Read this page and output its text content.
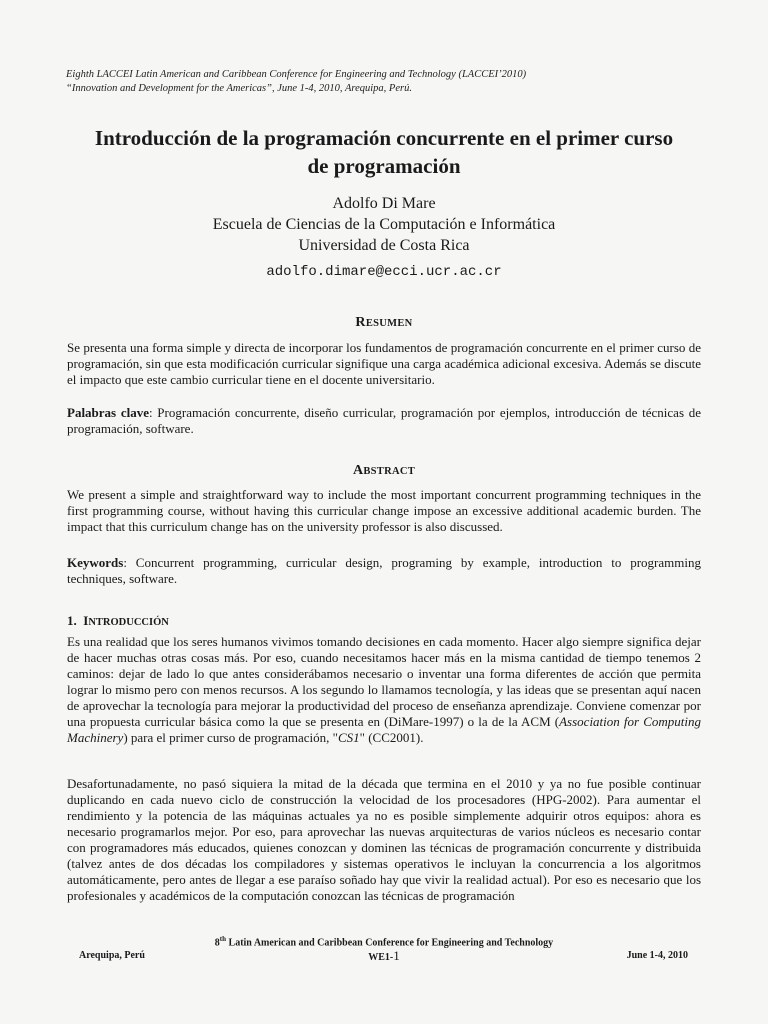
Eighth LACCEI Latin American and Caribbean Conference for Engineering and Technology (LACCEI’2010)
“Innovation and Development for the Americas”, June 1-4, 2010, Arequipa, Perú.
Introducción de la programación concurrente en el primer curso
de programación
Adolfo Di Mare
Escuela de Ciencias de la Computación e Informática
Universidad de Costa Rica
adolfo.dimare@ecci.ucr.ac.cr
RESUMEN
Se presenta una forma simple y directa de incorporar los fundamentos de programación concurrente en el primer curso de programación, sin que esta modificación curricular signifique una carga académica adicional excesiva. Además se discute el impacto que este cambio curricular tiene en el docente universitario.
Palabras clave: Programación concurrente, diseño curricular, programación por ejemplos, introducción de técnicas de programación, software.
ABSTRACT
We present a simple and straightforward way to include the most important concurrent programming techniques in the first programming course, without having this curricular change impose an excessive additional academic burden. The impact that this curriculum change has on the university professor is also discussed.
Keywords: Concurrent programming, curricular design, programing by example, introduction to programming techniques, software.
1. INTRODUCCIÓN
Es una realidad que los seres humanos vivimos tomando decisiones en cada momento. Hacer algo siempre significa dejar de hacer muchas otras cosas más. Por eso, cuando necesitamos hacer más en la misma cantidad de tiempo tenemos 2 caminos: dejar de lado lo que antes considerábamos necesario o inventar una forma diferentes de acción que permita lograr lo mismo pero con menos recursos. A los segundo lo llamamos tecnología, y las ideas que se presentan aquí nacen de aprovechar la tecnología para mejorar la productividad del proceso de enseñanza aprendizaje. Conviene comenzar por una propuesta curricular básica como la que se presenta en (DiMare-1997) o la de la ACM (Association for Computing Machinery) para el primer curso de programación, "CS1" (CC2001).
Desafortunadamente, no pasó siquiera la mitad de la década que termina en el 2010 y ya no fue posible continuar duplicando en cada nuevo ciclo de construcción la velocidad de los procesadores (HPG-2002). Para aumentar el rendimiento y la potencia de las máquinas actuales ya no es posible simplemente adquirir otros equipos: ahora es necesario programarlos mejor. Por eso, para aprovechar las nuevas arquitecturas de varios núcleos es necesario contar con programadores más educados, quienes conozcan y dominen las técnicas de programación concurrente y distribuida (talvez antes de dos décadas los compiladores y sistemas operativos le incluyan la concurrencia a los algoritmos automáticamente, pero antes de llegar a ese paraíso soñado hay que vivir la realidad actual). Por eso es necesario que los profesionales y académicos de la computación conozcan las técnicas de programación
8th Latin American and Caribbean Conference for Engineering and Technology
Arequipa, Perú	WE1-1	June 1-4, 2010
